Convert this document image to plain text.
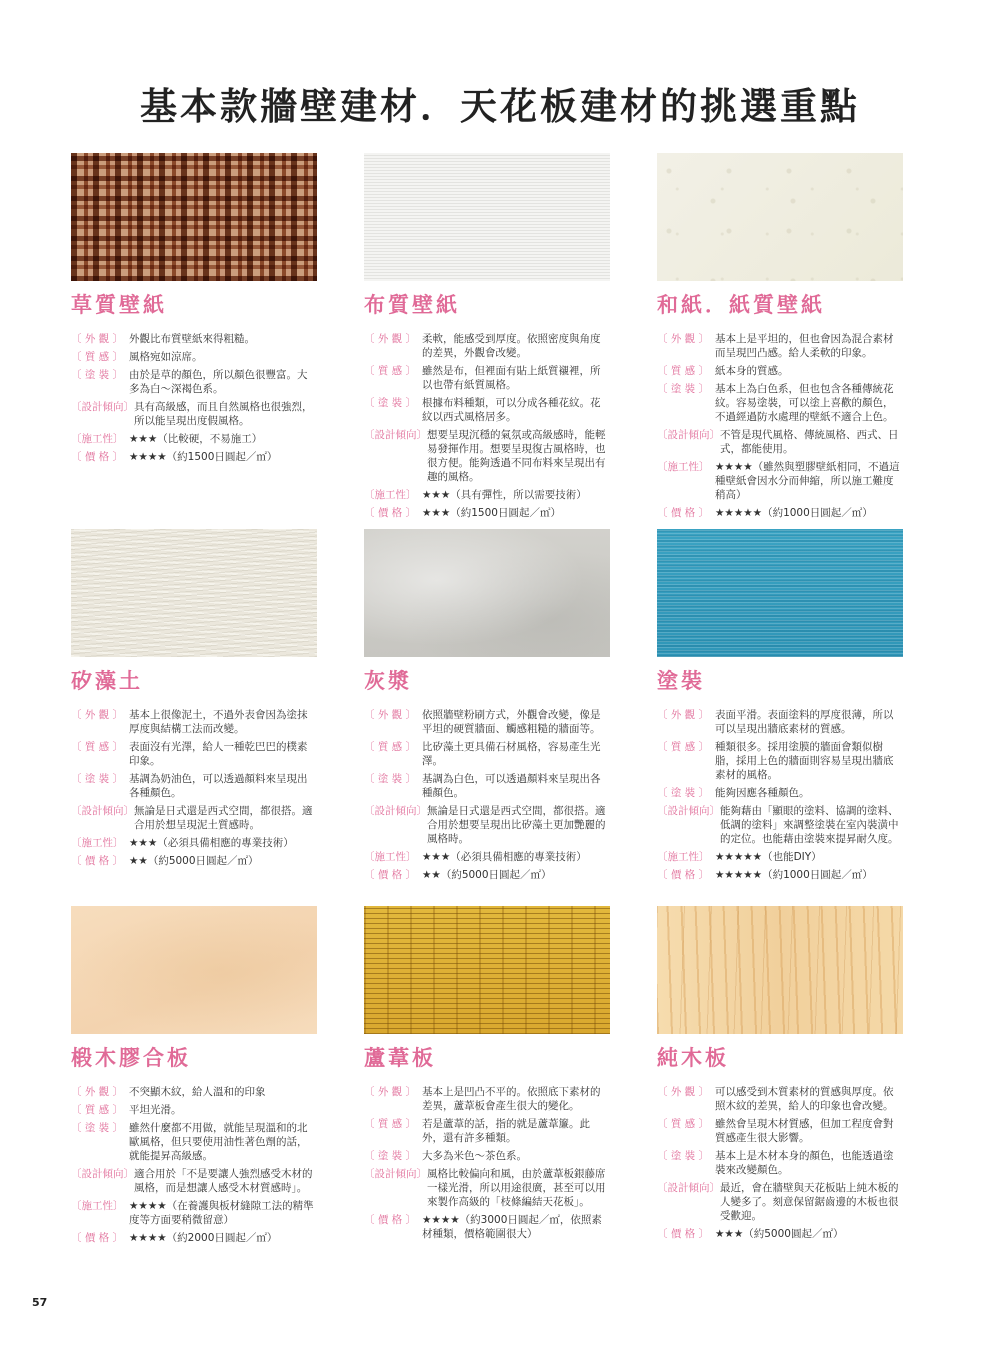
基本款牆壁建材．天花板建材的挑選重點
草質壁紙
〔 外 觀 〕 外觀比布質壁紙來得粗糙。
〔 質 感 〕 風格宛如涼席。
〔 塗 裝 〕 由於是草的顏色，所以顏色很豐富。大多為白～深褐色系。
〔設計傾向〕 具有高級感，而且自然風格也很強烈，所以能呈現出度假風格。
〔施工性〕 ★★★（比較硬，不易施工）
〔 價 格 〕 ★★★★（約1500日圓起／㎡）
布質壁紙
〔 外 觀 〕 柔軟，能感受到厚度。依照密度與角度的差異，外觀會改變。
〔 質 感 〕 雖然是布，但裡面有貼上紙質襯裡，所以也帶有紙質風格。
〔 塗 裝 〕 根據布料種類，可以分成各種花紋。花紋以西式風格居多。
〔設計傾向〕 想要呈現沉穩的氣氛或高級感時，能輕易發揮作用。想要呈現復古風格時，也很方便。能夠透過不同布料來呈現出有趣的風格。
〔施工性〕 ★★★（具有彈性，所以需要技術）
〔 價 格 〕 ★★★（約1500日圓起／㎡）
和紙．紙質壁紙
〔 外 觀 〕 基本上是平坦的，但也會因為混合素材而呈現凹凸感。給人柔軟的印象。
〔 質 感 〕 紙本身的質感。
〔 塗 裝 〕 基本上為白色系，但也包含各種傳統花紋。容易塗裝，可以塗上喜歡的顏色，不過經過防水處理的壁紙不適合上色。
〔設計傾向〕 不管是現代風格、傳統風格、西式、日式，都能使用。
〔施工性〕 ★★★★（雖然與塑膠壁紙相同，不過這種壁紙會因水分而伸縮，所以施工難度稍高）
〔 價 格 〕 ★★★★★（約1000日圓起／㎡）
矽藻土
〔 外 觀 〕 基本上很像泥土，不過外表會因為塗抹厚度與結構工法而改變。
〔 質 感 〕 表面沒有光澤，給人一種乾巴巴的樸素印象。
〔 塗 裝 〕 基調為奶油色，可以透過顏料來呈現出各種顏色。
〔設計傾向〕 無論是日式還是西式空間，都很搭。適合用於想呈現泥土質感時。
〔施工性〕 ★★★（必須具備相應的專業技術）
〔 價 格 〕 ★★（約5000日圓起／㎡）
灰漿
〔 外 觀 〕 依照牆壁粉刷方式，外觀會改變，像是平坦的硬質牆面、觸感粗糙的牆面等。
〔 質 感 〕 比矽藻土更具備石材風格，容易產生光澤。
〔 塗 裝 〕 基調為白色，可以透過顏料來呈現出各種顏色。
〔設計傾向〕 無論是日式還是西式空間，都很搭。適合用於想要呈現出比矽藻土更加艷麗的風格時。
〔施工性〕 ★★★（必須具備相應的專業技術）
〔 價 格 〕 ★★（約5000日圓起／㎡）
塗裝
〔 外 觀 〕 表面平滑。表面塗料的厚度很薄，所以可以呈現出牆底素材的質感。
〔 質 感 〕 種類很多。採用塗膜的牆面會類似樹脂，採用上色的牆面則容易呈現出牆底素材的風格。
〔 塗 裝 〕 能夠因應各種顏色。
〔設計傾向〕 能夠藉由「顯眼的塗料、協調的塗料、低調的塗料」來調整塗裝在室內裝潢中的定位。也能藉由塗裝來提昇耐久度。
〔施工性〕 ★★★★★（也能DIY）
〔 價 格 〕 ★★★★★（約1000日圓起／㎡）
椴木膠合板
〔 外 觀 〕 不突顯木紋，給人溫和的印象
〔 質 感 〕 平坦光滑。
〔 塗 裝 〕 雖然什麼都不用做，就能呈現溫和的北歐風格，但只要使用油性著色劑的話，就能提昇高級感。
〔設計傾向〕 適合用於「不是要讓人強烈感受木材的風格，而是想讓人感受木材質感時」。
〔施工性〕 ★★★★（在養護與板材縫隙工法的精準度等方面要稍微留意）
〔 價 格 〕 ★★★★（約2000日圓起／㎡）
蘆葦板
〔 外 觀 〕 基本上是凹凸不平的。依照底下素材的差異，蘆葦板會產生很大的變化。
〔 質 感 〕 若是蘆葦的話，指的就是蘆葦簾。此外，還有許多種類。
〔 塗 裝 〕 大多為米色～茶色系。
〔設計傾向〕 風格比較偏向和風，由於蘆葦板銀藤席一樣光滑，所以用途很廣，甚至可以用來製作高級的「枝條編結天花板」。
〔 價 格 〕 ★★★★（約3000日圓起／㎡，依照素材種類，價格範圍很大）
純木板
〔 外 觀 〕 可以感受到木質素材的質感與厚度。依照木紋的差異，給人的印象也會改變。
〔 質 感 〕 雖然會呈現木材質感，但加工程度會對質感產生很大影響。
〔 塗 裝 〕 基本上是木材本身的顏色，也能透過塗裝來改變顏色。
〔設計傾向〕 最近，會在牆壁與天花板貼上純木板的人變多了。刻意保留鋸齒邊的木板也很受歡迎。
〔 價 格 〕 ★★★（約5000圓起／㎡）
57
